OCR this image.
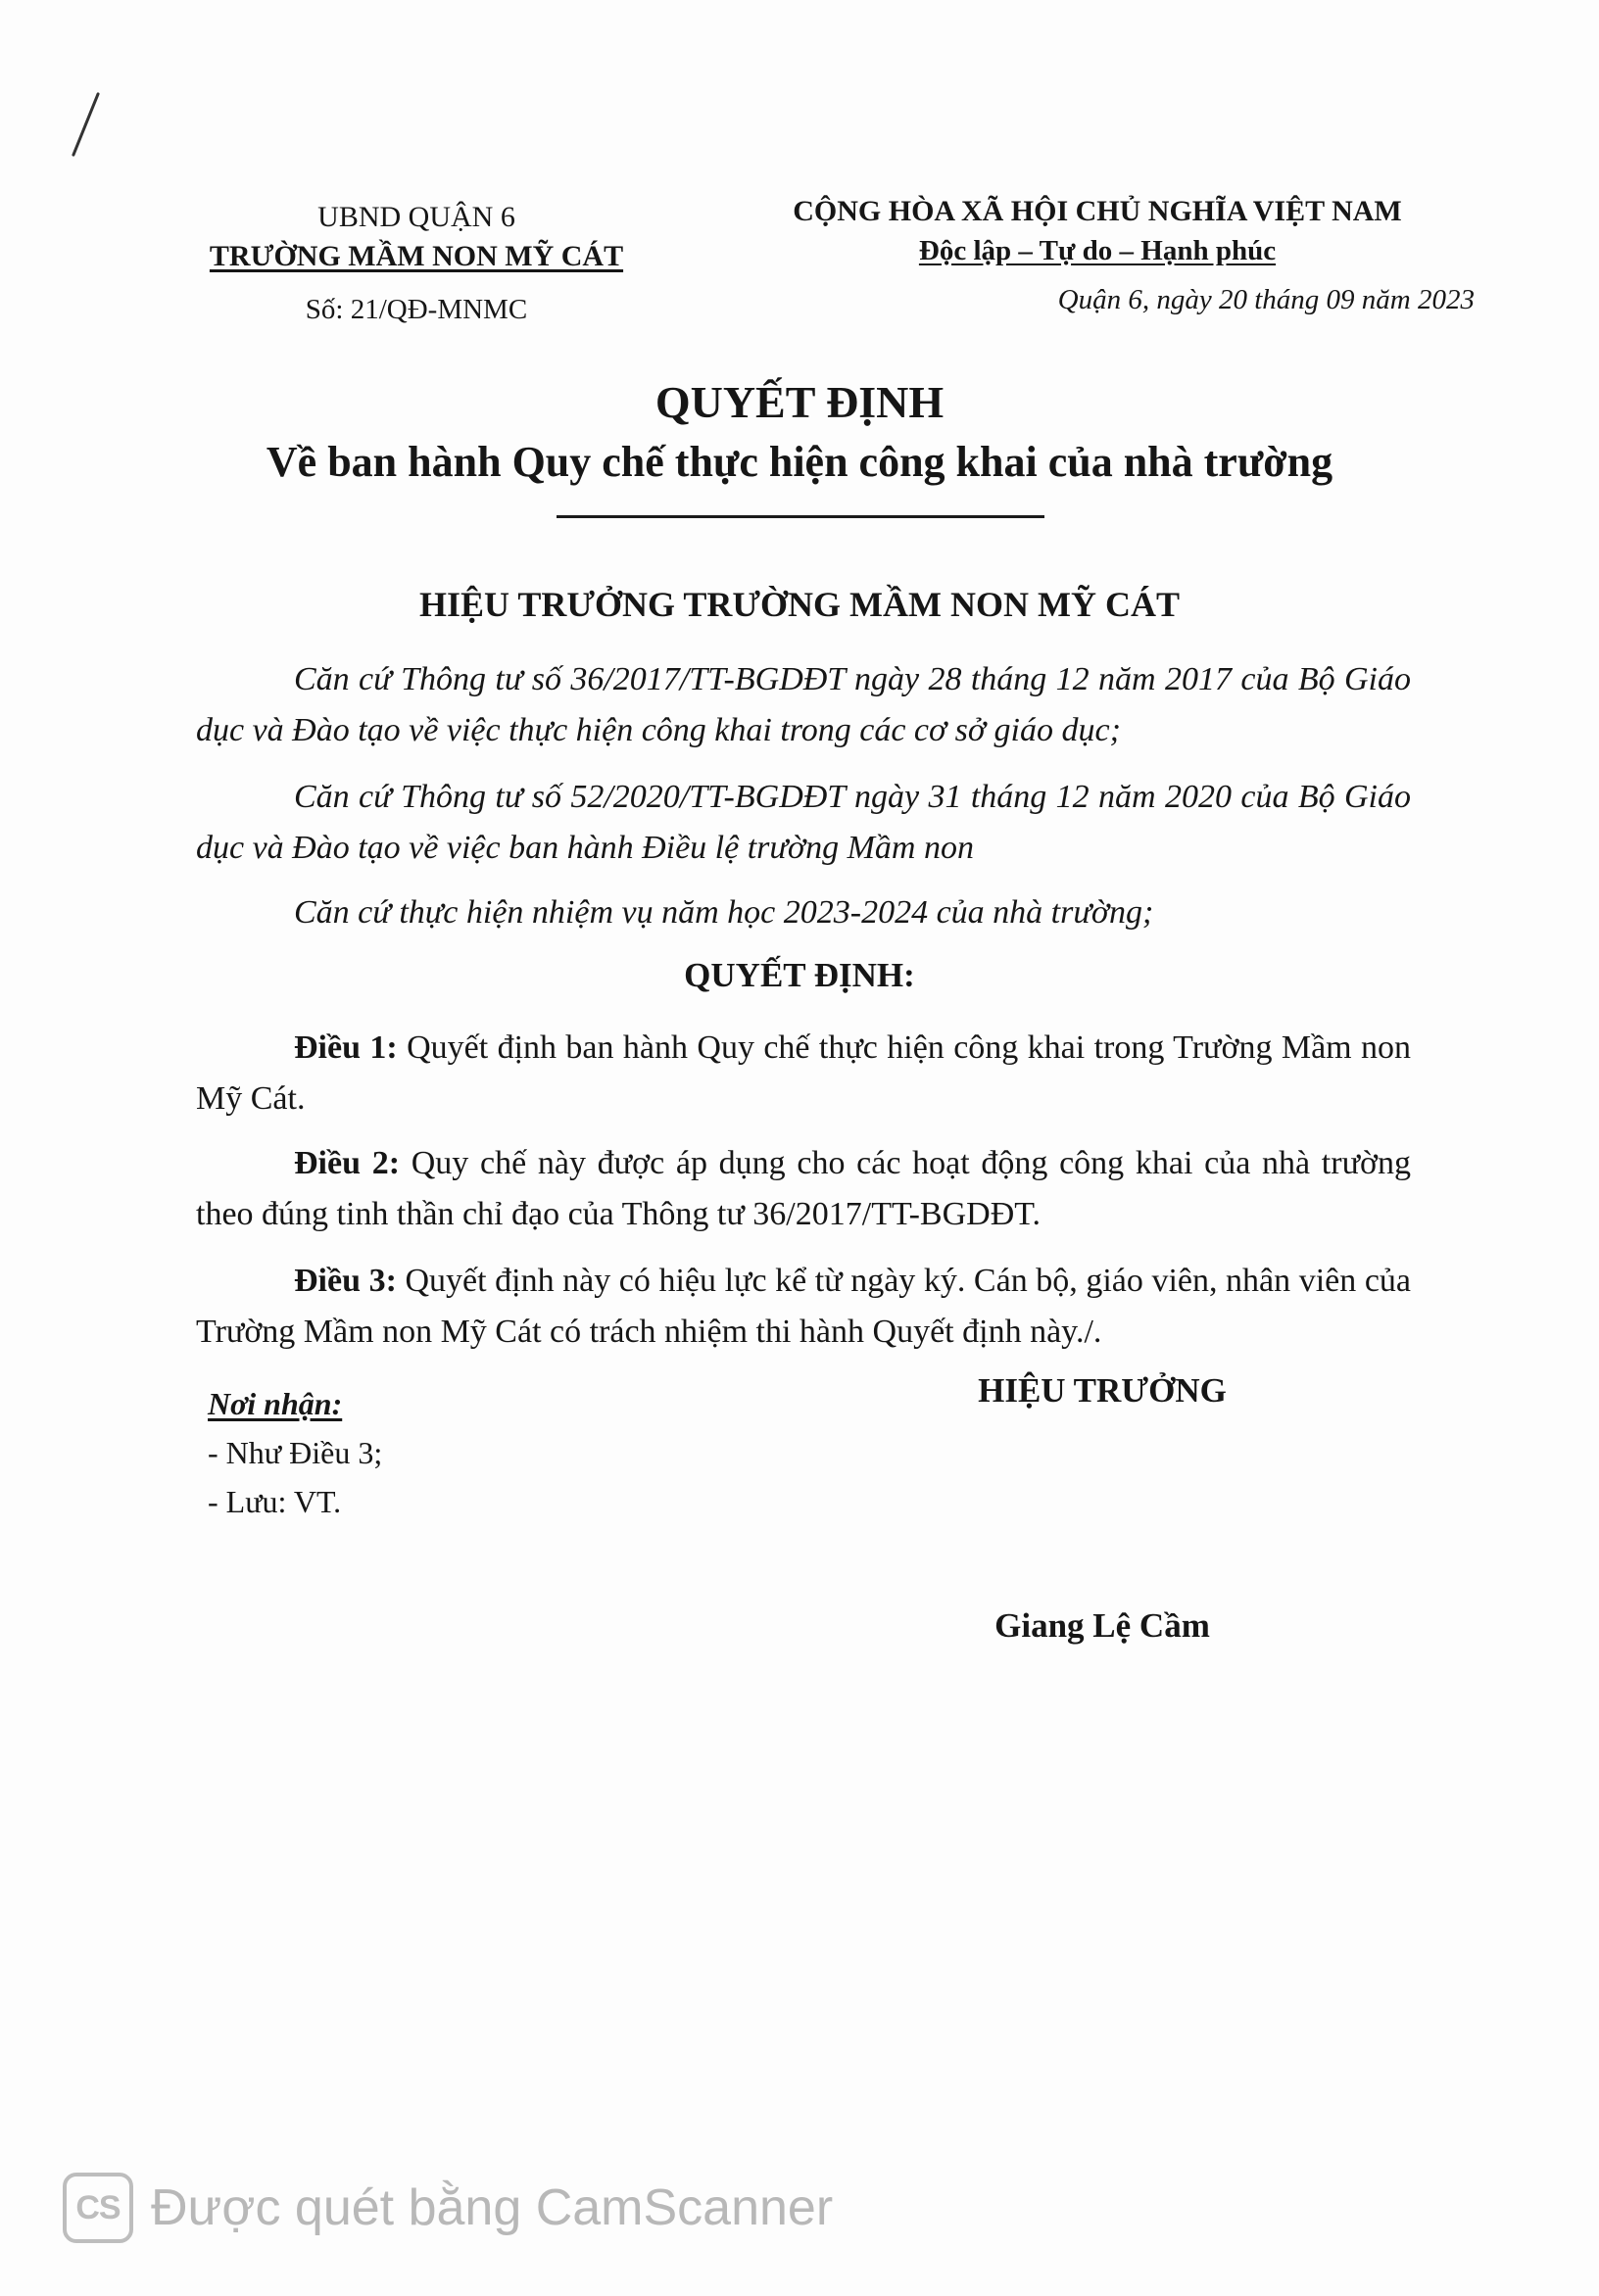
UBND QUẬN 6
TRƯỜNG MẦM NON MỸ CÁT
Số: 21/QĐ-MNMC
CỘNG HÒA XÃ HỘI CHỦ NGHĨA VIỆT NAM
Độc lập – Tự do – Hạnh phúc
Quận 6, ngày 20 tháng 09 năm 2023
QUYẾT ĐỊNH
Về ban hành Quy chế thực hiện công khai của nhà trường
HIỆU TRƯỞNG TRƯỜNG MẦM NON MỸ CÁT
Căn cứ Thông tư số 36/2017/TT-BGDĐT ngày 28 tháng 12 năm 2017 của Bộ Giáo dục và Đào tạo về việc thực hiện công khai trong các cơ sở giáo dục;
Căn cứ Thông tư số 52/2020/TT-BGDĐT ngày 31 tháng 12 năm 2020 của Bộ Giáo dục và Đào tạo về việc ban hành Điều lệ trường Mầm non
Căn cứ thực hiện nhiệm vụ năm học 2023-2024 của nhà trường;
QUYẾT ĐỊNH:
Điều 1: Quyết định ban hành Quy chế thực hiện công khai trong Trường Mầm non Mỹ Cát.
Điều 2: Quy chế này được áp dụng cho các hoạt động công khai của nhà trường theo đúng tinh thần chỉ đạo của Thông tư 36/2017/TT-BGDĐT.
Điều 3: Quyết định này có hiệu lực kể từ ngày ký. Cán bộ, giáo viên, nhân viên của Trường Mầm non Mỹ Cát có trách nhiệm thi hành Quyết định này./.
Nơi nhận:
- Như Điều 3;
- Lưu: VT.
HIỆU TRƯỞNG
Giang Lệ Cầm
CS Được quét bằng CamScanner
